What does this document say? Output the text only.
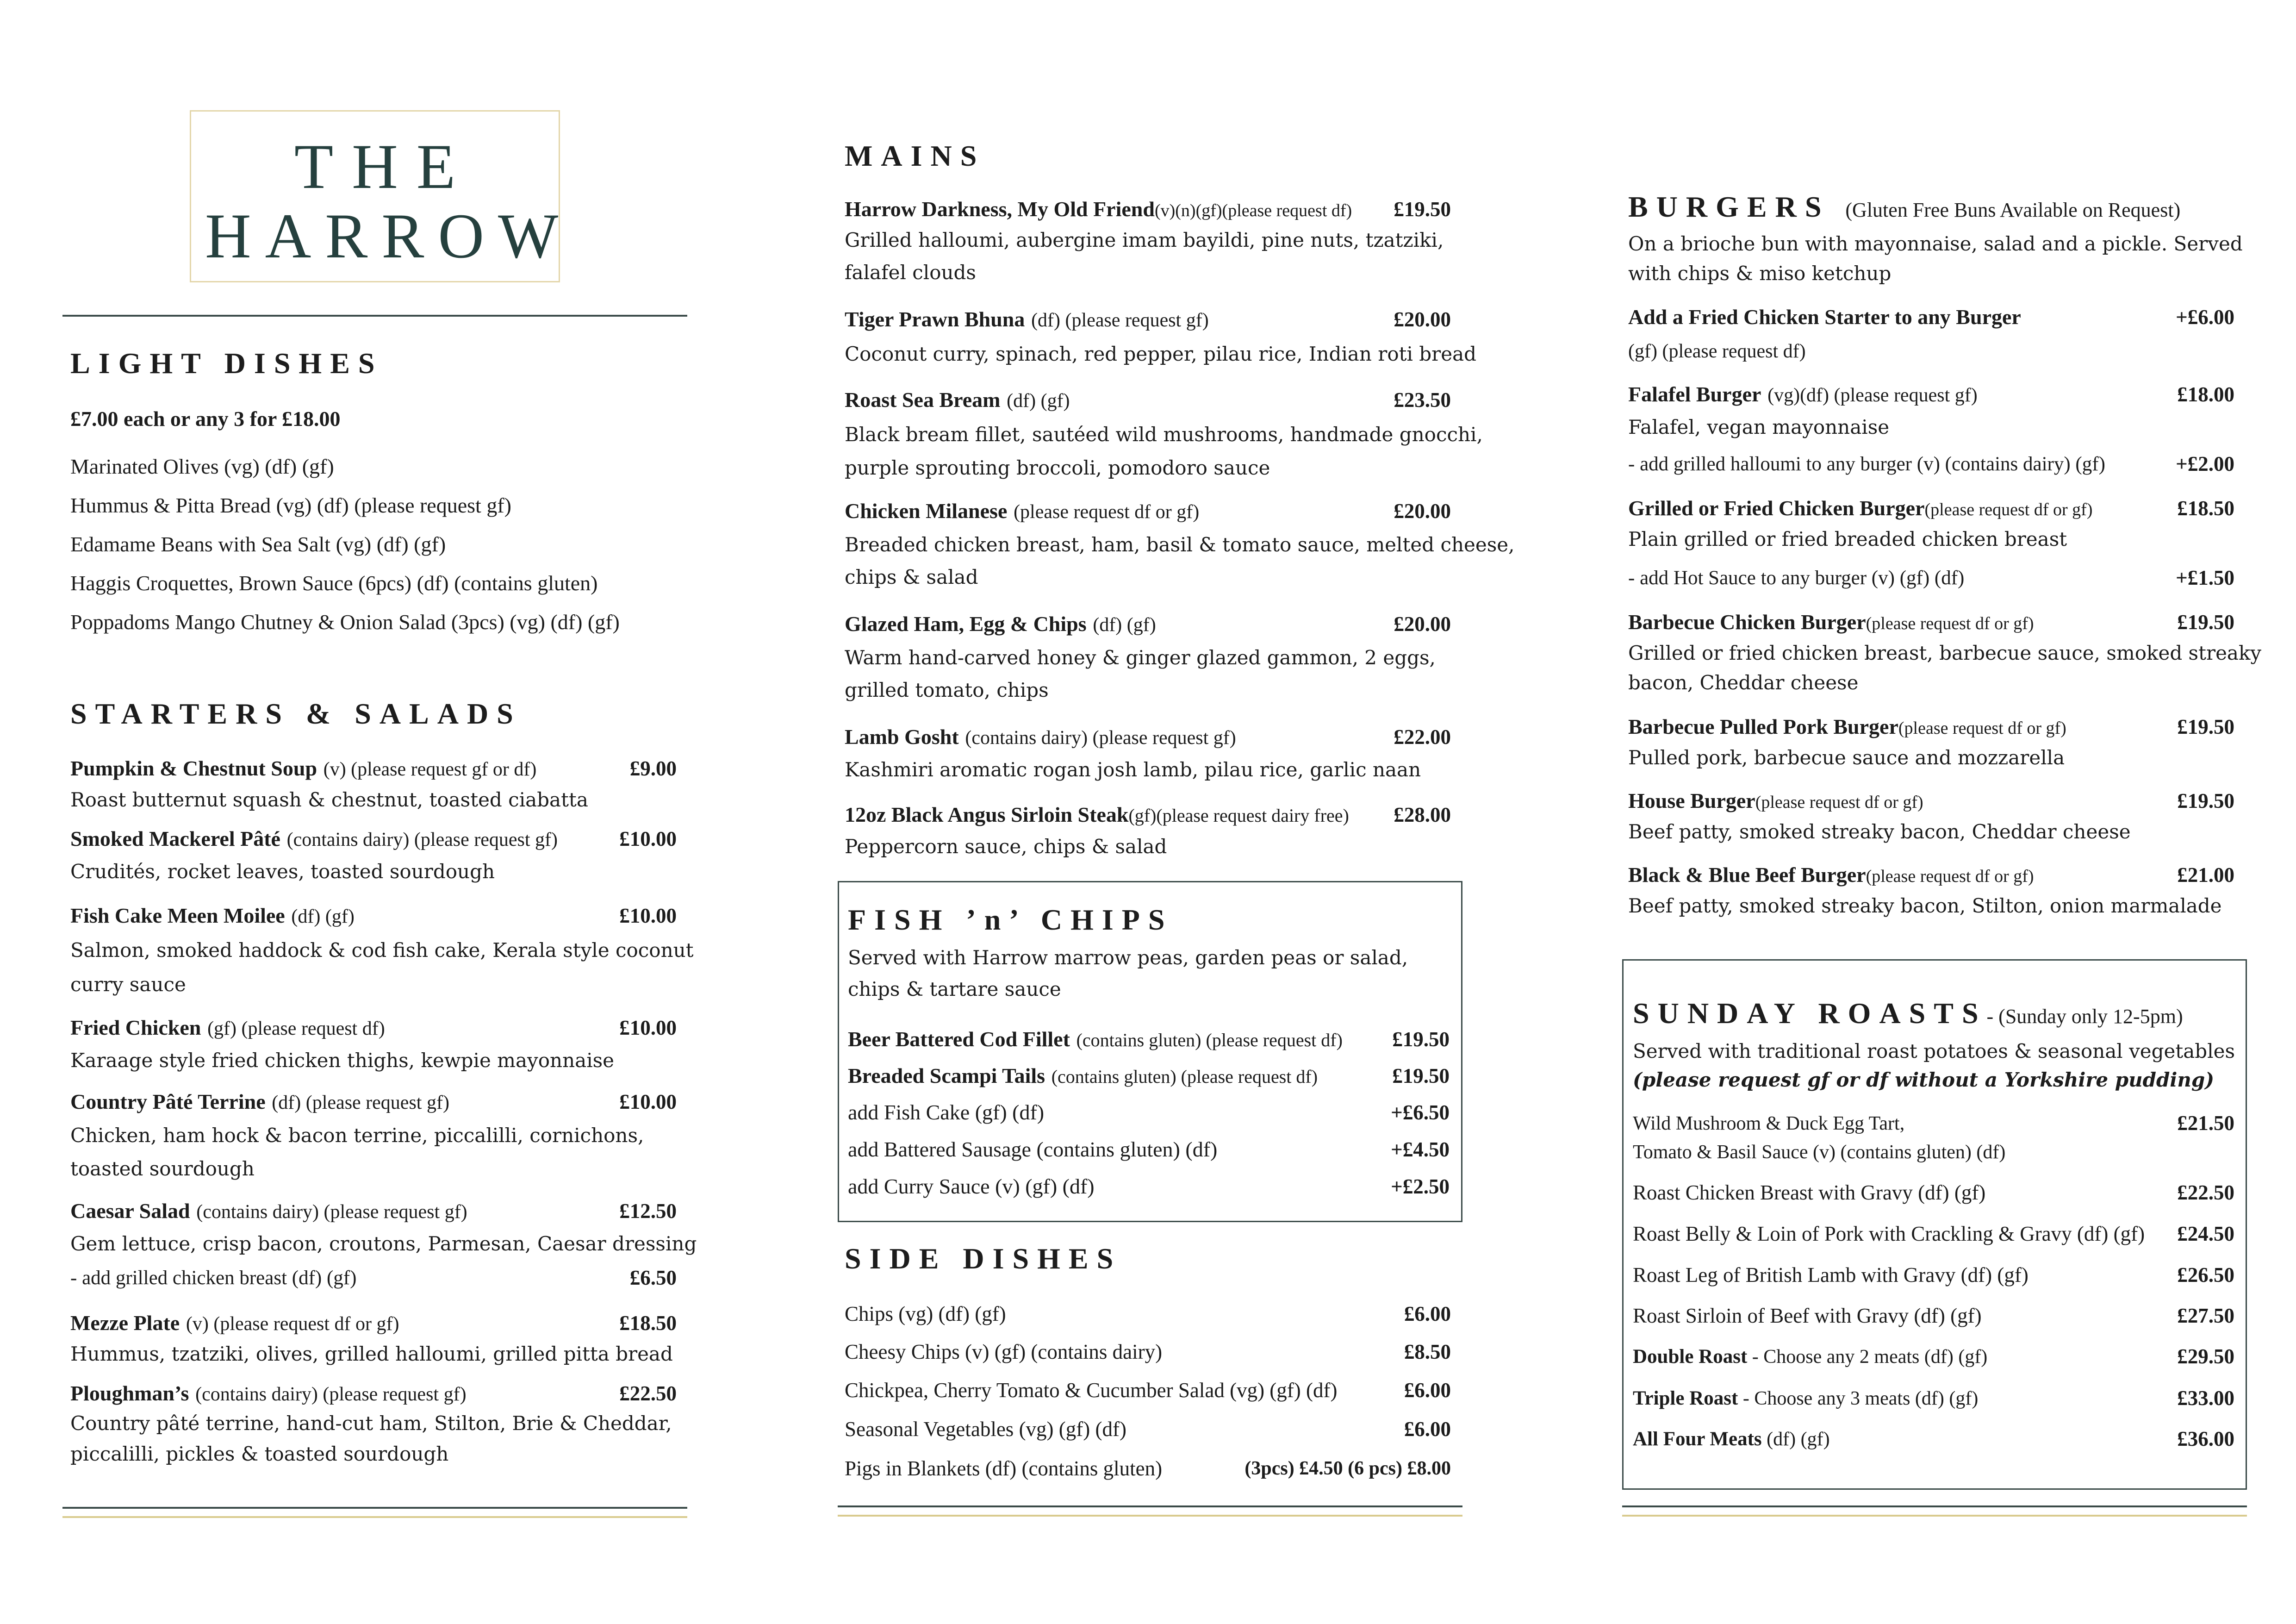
THE
HARROW
LIGHT DISHES
£7.00 each or any 3 for £18.00
Marinated Olives (vg) (df) (gf)
Hummus & Pitta Bread (vg) (df) (please request gf)
Edamame Beans with Sea Salt (vg) (df) (gf)
Haggis Croquettes, Brown Sauce (6pcs) (df) (contains gluten)
Poppadoms Mango Chutney & Onion Salad (3pcs) (vg) (df) (gf)
STARTERS & SALADS
Pumpkin & Chestnut Soup (v) (please request gf or df)	£9.00
Roast butternut squash & chestnut, toasted ciabatta
Smoked Mackerel Pâté (contains dairy) (please request gf)	£10.00
Crudités, rocket leaves, toasted sourdough
Fish Cake Meen Moilee (df) (gf)	£10.00
Salmon, smoked haddock & cod fish cake, Kerala style coconut
curry sauce
Fried Chicken (gf) (please request df)	£10.00
Karaage style fried chicken thighs, kewpie mayonnaise
Country Pâté Terrine (df) (please request gf)	£10.00
Chicken, ham hock & bacon terrine, piccalilli, cornichons,
toasted sourdough
Caesar Salad (contains dairy) (please request gf)	£12.50
Gem lettuce, crisp bacon, croutons, Parmesan, Caesar dressing
- add grilled chicken breast (df) (gf)	£6.50
Mezze Plate (v) (please request df or gf)	£18.50
Hummus, tzatziki, olives, grilled halloumi, grilled pitta bread
Ploughman’s (contains dairy) (please request gf)	£22.50
Country pâté terrine, hand-cut ham, Stilton, Brie & Cheddar,
piccalilli, pickles & toasted sourdough
MAINS
Harrow Darkness, My Old Friend(v)(n)(gf)(please request df) £19.50
Grilled halloumi, aubergine imam bayildi, pine nuts, tzatziki,
falafel clouds
Tiger Prawn Bhuna (df) (please request gf)	£20.00
Coconut curry, spinach, red pepper, pilau rice, Indian roti bread
Roast Sea Bream (df) (gf)	£23.50
Black bream fillet, sautéed wild mushrooms, handmade gnocchi,
purple sprouting broccoli, pomodoro sauce
Chicken Milanese (please request df or gf)	£20.00
Breaded chicken breast, ham, basil & tomato sauce, melted cheese,
chips & salad
Glazed Ham, Egg & Chips (df) (gf)	£20.00
Warm hand-carved honey & ginger glazed gammon, 2 eggs,
grilled tomato, chips
Lamb Gosht (contains dairy) (please request gf)	£22.00
Kashmiri aromatic rogan josh lamb, pilau rice, garlic naan
12oz Black Angus Sirloin Steak(gf)(please request dairy free) £28.00
Peppercorn sauce, chips & salad
FISH ’n’ CHIPS
Served with Harrow marrow peas, garden peas or salad,
chips & tartare sauce
Beer Battered Cod Fillet (contains gluten) (please request df) £19.50
Breaded Scampi Tails (contains gluten) (please request df)	£19.50
add Fish Cake (gf) (df)	+£6.50
add Battered Sausage (contains gluten) (df)	+£4.50
add Curry Sauce (v) (gf) (df)	+£2.50
SIDE DISHES
Chips (vg) (df) (gf)	£6.00
Cheesy Chips (v) (gf) (contains dairy)	£8.50
Chickpea, Cherry Tomato & Cucumber Salad (vg) (gf) (df)	£6.00
Seasonal Vegetables (vg) (gf) (df)	£6.00
Pigs in Blankets (df) (contains gluten)	(3pcs) £4.50 (6 pcs) £8.00
BURGERS (Gluten Free Buns Available on Request)
On a brioche bun with mayonnaise, salad and a pickle. Served
with chips & miso ketchup
Add a Fried Chicken Starter to any Burger	+£6.00
(gf) (please request df)
Falafel Burger (vg)(df) (please request gf)	£18.00
Falafel, vegan mayonnaise
- add grilled halloumi to any burger (v) (contains dairy) (gf)	+£2.00
Grilled or Fried Chicken Burger(please request df or gf)	£18.50
Plain grilled or fried breaded chicken breast
- add Hot Sauce to any burger (v) (gf) (df)	+£1.50
Barbecue Chicken Burger(please request df or gf)	£19.50
Grilled or fried chicken breast, barbecue sauce, smoked streaky
bacon, Cheddar cheese
Barbecue Pulled Pork Burger(please request df or gf)	£19.50
Pulled pork, barbecue sauce and mozzarella
House Burger(please request df or gf)	£19.50
Beef patty, smoked streaky bacon, Cheddar cheese
Black & Blue Beef Burger(please request df or gf)	£21.00
Beef patty, smoked streaky bacon, Stilton, onion marmalade
SUNDAY ROASTS- (Sunday only 12-5pm)
Served with traditional roast potatoes & seasonal vegetables
(please request gf or df without a Yorkshire pudding)
Wild Mushroom & Duck Egg Tart,	£21.50
Tomato & Basil Sauce (v) (contains gluten) (df)
Roast Chicken Breast with Gravy (df) (gf)	£22.50
Roast Belly & Loin of Pork with Crackling & Gravy (df) (gf) £24.50
Roast Leg of British Lamb with Gravy (df) (gf)	£26.50
Roast Sirloin of Beef with Gravy (df) (gf)	£27.50
Double Roast - Choose any 2 meats (df) (gf)	£29.50
Triple Roast - Choose any 3 meats (df) (gf)	£33.00
All Four Meats (df) (gf)	£36.00
